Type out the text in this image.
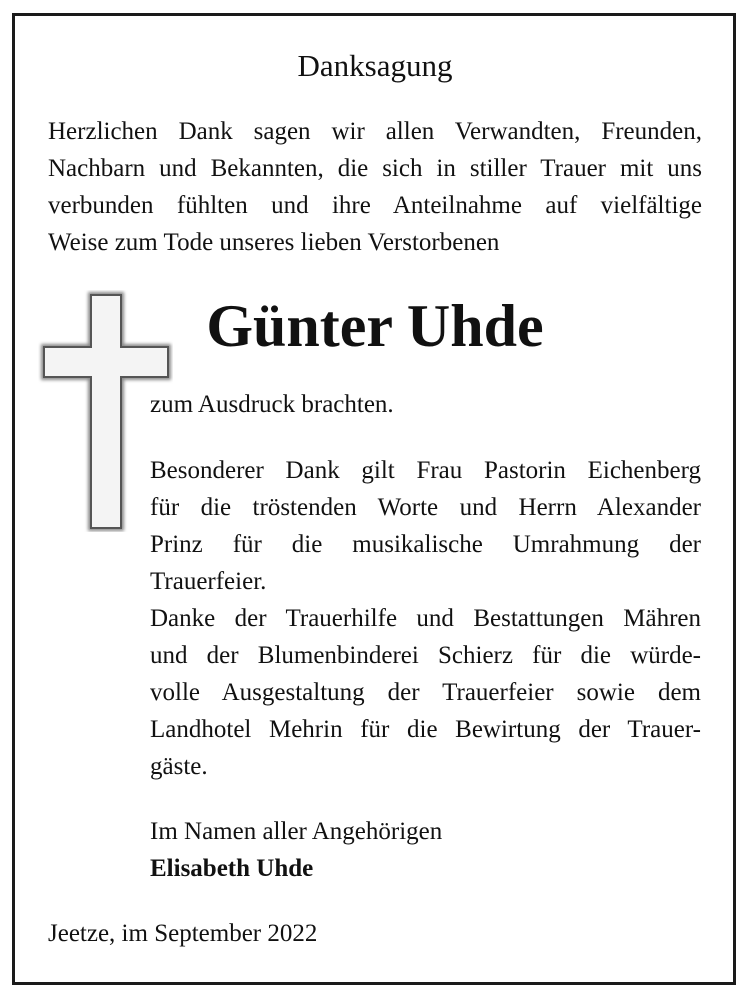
Danksagung
Herzlichen Dank sagen wir allen Verwandten, Freunden,
Nachbarn und Bekannten, die sich in stiller Trauer mit uns
verbunden fühlten und ihre Anteilnahme auf vielfältige
Weise zum Tode unseres lieben Verstorbenen
Günter Uhde
zum Ausdruck brachten.
Besonderer Dank gilt Frau Pastorin Eichenberg
für die tröstenden Worte und Herrn Alexander
Prinz für die musikalische Umrahmung der
Trauerfeier.
Danke der Trauerhilfe und Bestattungen Mähren
und der Blumenbinderei Schierz für die würde-
volle Ausgestaltung der Trauerfeier sowie dem
Landhotel Mehrin für die Bewirtung der Trauer-
gäste.
Im Namen aller Angehörigen
Elisabeth Uhde
Jeetze, im September 2022
